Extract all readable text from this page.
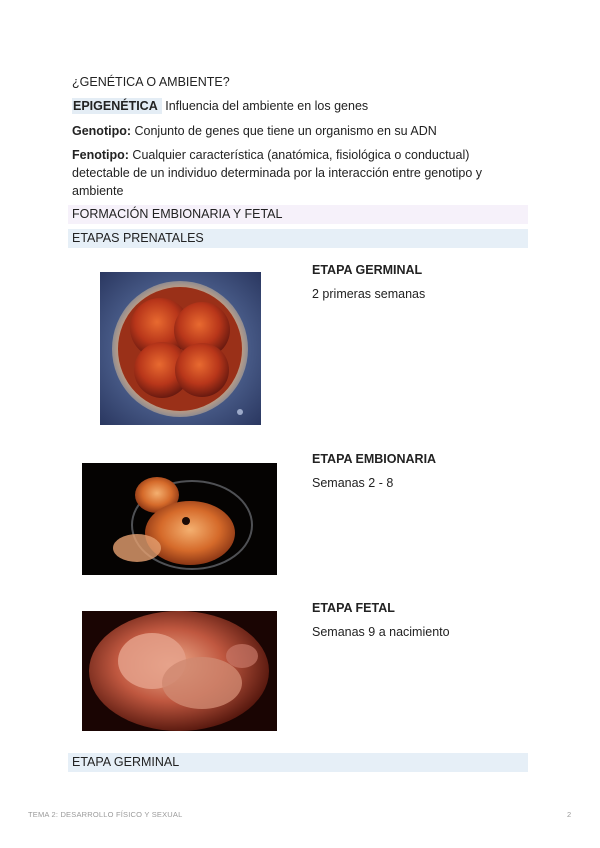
¿GENÉTICA O AMBIENTE?
EPIGENÉTICA Influencia del ambiente en los genes
Genotipo: Conjunto de genes que tiene un organismo en su ADN
Fenotipo: Cualquier característica (anatómica, fisiológica o conductual)
detectable de un individuo determinada por la interacción entre genotipo y
ambiente
FORMACIÓN EMBIONARIA Y FETAL
ETAPAS PRENATALES
ETAPA GERMINAL
2 primeras semanas
ETAPA EMBIONARIA
Semanas 2 - 8
ETAPA FETAL
Semanas 9 a nacimiento
ETAPA GERMINAL
TEMA 2: DESARROLLO FÍSICO Y SEXUAL	2
